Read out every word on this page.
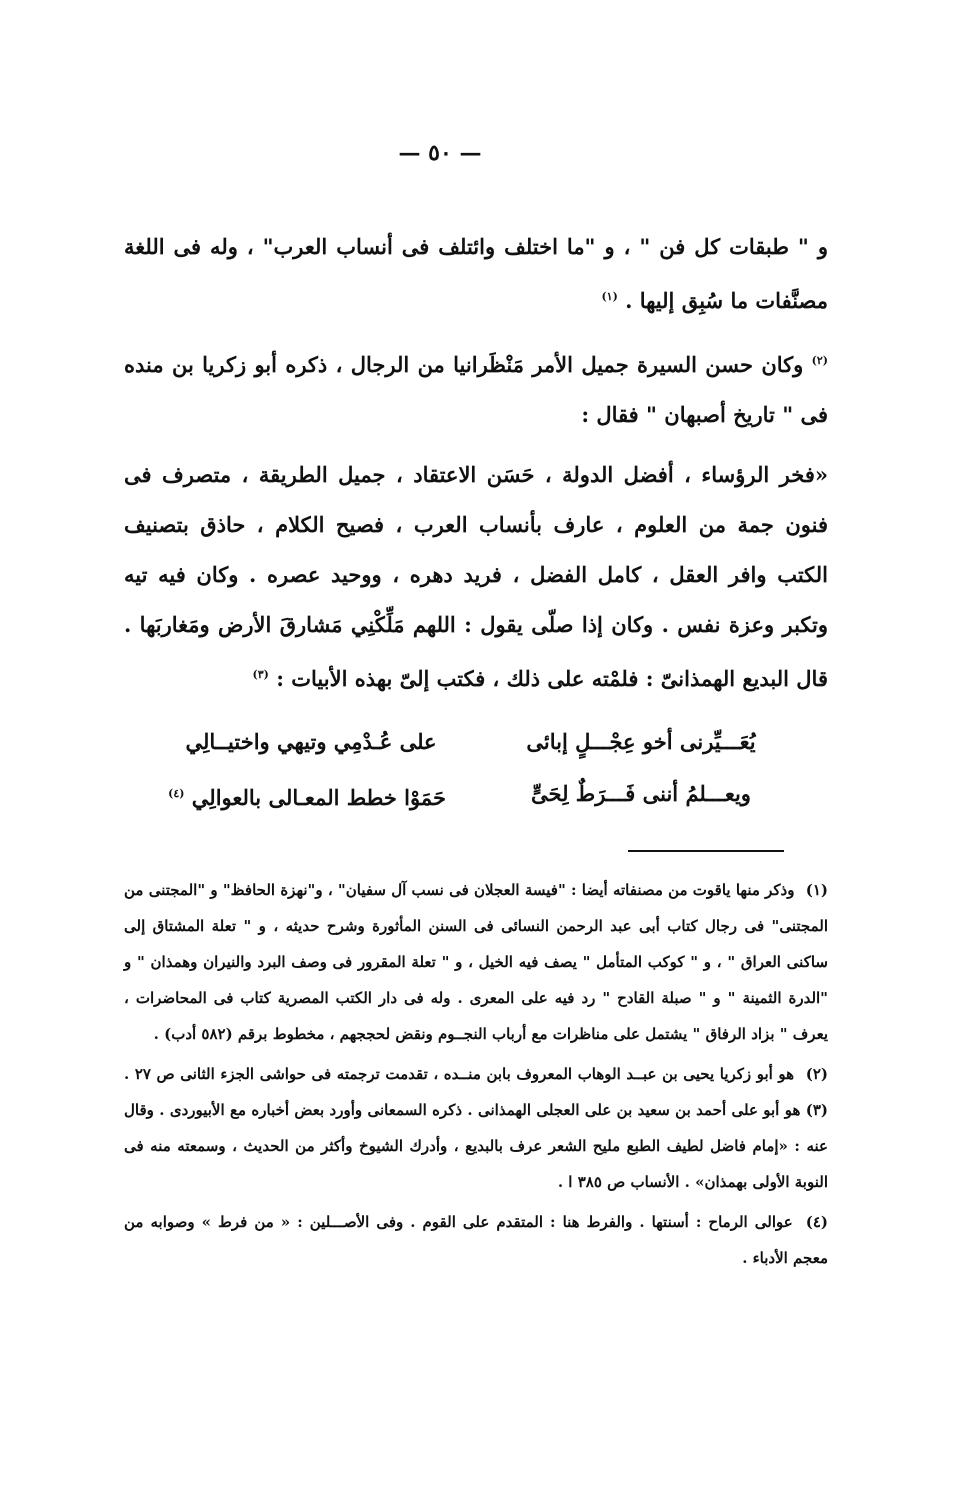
— ٥٠ —

و " طبقات كل فن " ، و "ما اختلف وائتلف فى أنساب العرب" ، وله فى اللغة مصنَّفات ما سُبِق إليها . $^{(١)}$

$^{(٢)}$ وكان حسن السيرة جميل الأمر مَنْظَرانيا من الرجال ، ذكره أبو زكريا بن منده فى " تاريخ أصبهان " فقال :

«فخر الرؤساء ، أفضل الدولة ، حَسَن الاعتقاد ، جميل الطريقة ، متصرف فى فنون جمة من العلوم ، عارف بأنساب العرب ، فصيح الكلام ، حاذق بتصنيف الكتب وافر العقل ، كامل الفضل ، فريد دهره ، ووحيد عصره . وكان فيه تيه وتكبر وعزة نفس . وكان إذا صلّى يقول : اللهم مَلِّكْنِي مَشارقَ الأرض ومَغاربَها . قال البديع الهمذانىّ : فلمْته على ذلك ، فكتب إلىّ بهذه الأبيات : $^{(٣)}$

يُعَـــيِّرنى أخو عِجْـــلٍ إبائى
على عُـدْمِي وتيهي واختيــالِي
ويعـــلمُ أننى فَـــرَطٌ لِحَىٍّ
حَمَوْا خطط المعـالى بالعوالِي $^{(٤)}$

(١) وذكر منها ياقوت من مصنفاته أيضا : "فيسة العجلان فى نسب آل سفيان" ، و"نهزة الحافظ" و "المجتنى من المجتنى" فى رجال كتاب أبى عبد الرحمن النسائى فى السنن المأثورة وشرح حديثه ، و " تعلة المشتاق إلى ساكنى العراق " ، و " كوكب المتأمل " يصف فيه الخيل ، و " تعلة المقرور فى وصف البرد والنيران وهمذان " و "الدرة الثمينة " و " صبلة القادح " رد فيه على المعرى . وله فى دار الكتب المصرية كتاب فى المحاضرات ، يعرف " بزاد الرفاق " يشتمل على مناظرات مع أرباب النجــوم ونقض لحججهم ، مخطوط برقم (٥٨٢ أدب) .

(٢) هو أبو زكريا يحيى بن عبــد الوهاب المعروف بابن منــده ، تقدمت ترجمته فى حواشى الجزء الثانى ص ٢٧ . (٣) هو أبو على أحمد بن سعيد بن على العجلى الهمذانى . ذكره السمعانى وأورد بعض أخباره مع الأبيوردى . وقال عنه : «إمام فاضل لطيف الطبع مليح الشعر عرف بالبديع ، وأدرك الشيوخ وأكثر من الحديث ، وسمعته منه فى النوبة الأولى بهمذان» . الأنساب ص ٣٨٥ ا .

(٤) عوالى الرماح : أسنتها . والفرط هنا : المتقدم على القوم . وفى الأصـــلين : « من فرط » وصوابه من معجم الأدباء .
